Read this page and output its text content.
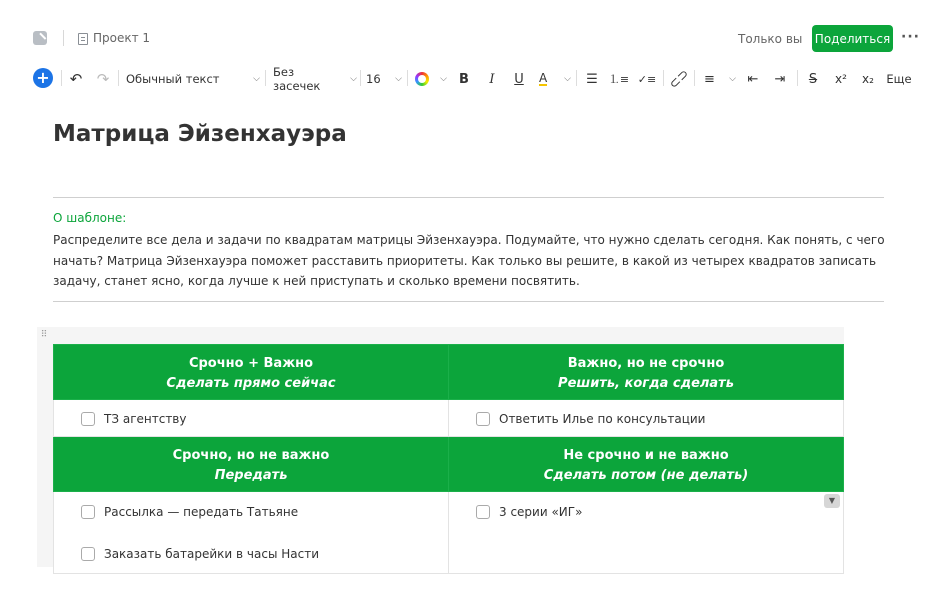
Проект 1	Только вы Поделиться ···
+ ↶ ↷ Обычный текст	⌵ Без засечек	⌵ 16 ⌵	⌵ B	I	U A ⌵ ☰ ⒈≡ ✓≡ ⊂⊃ ≡ ⌵ ⇤ ⇥ S	x² x₂ Еще
Матрица Эйзенхауэра
О шаблоне:
Распределите все дела и задачи по квадратам матрицы Эйзенхауэра. Подумайте, что нужно сделать сегодня. Как понять, с чего начать? Матрица Эйзенхауэра поможет расставить приоритеты. Как только вы решите, в какой из четырех квадратов записать задачу, станет ясно, когда лучше к ней приступать и сколько времени посвятить.
⠿
Срочно + Важно
Сделать прямо сейчас	Важно, но не срочно
Решить, когда сделать

ТЗ агентству	Ответить Илье по консультации

Срочно, но не важно
Передать	Не срочно и не важно
Сделать потом (не делать)

Рассылка — передать Татьяне
Заказать батарейки в часы Насти	3 серии «ИГ»
▼
